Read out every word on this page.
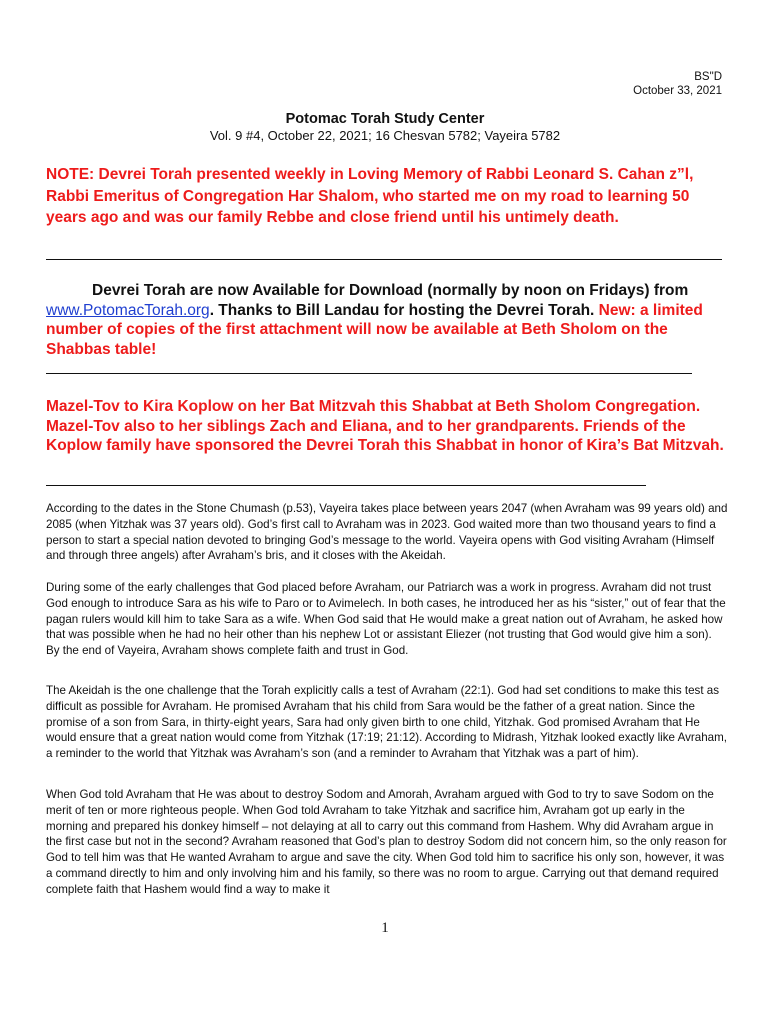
BS"D
October 33, 2021
Potomac Torah Study Center
Vol. 9 #4, October 22, 2021; 16 Chesvan 5782; Vayeira 5782

NOTE: Devrei Torah presented weekly in Loving Memory of Rabbi Leonard S. Cahan z”l, Rabbi Emeritus of Congregation Har Shalom, who started me on my road to learning 50 years ago and was our family Rebbe and close friend until his untimely death.

Devrei Torah are now Available for Download (normally by noon on Fridays) from www.PotomacTorah.org. Thanks to Bill Landau for hosting the Devrei Torah. New: a limited number of copies of the first attachment will now be available at Beth Sholom on the Shabbas table!

Mazel-Tov to Kira Koplow on her Bat Mitzvah this Shabbat at Beth Sholom Congregation. Mazel-Tov also to her siblings Zach and Eliana, and to her grandparents. Friends of the Koplow family have sponsored the Devrei Torah this Shabbat in honor of Kira’s Bat Mitzvah.

According to the dates in the Stone Chumash (p.53), Vayeira takes place between years 2047 (when Avraham was 99 years old) and 2085 (when Yitzhak was 37 years old). God’s first call to Avraham was in 2023. God waited more than two thousand years to find a person to start a special nation devoted to bringing God’s message to the world. Vayeira opens with God visiting Avraham (Himself and through three angels) after Avraham’s bris, and it closes with the Akeidah.

During some of the early challenges that God placed before Avraham, our Patriarch was a work in progress. Avraham did not trust God enough to introduce Sara as his wife to Paro or to Avimelech. In both cases, he introduced her as his “sister,” out of fear that the pagan rulers would kill him to take Sara as a wife. When God said that He would make a great nation out of Avraham, he asked how that was possible when he had no heir other than his nephew Lot or assistant Eliezer (not trusting that God would give him a son). By the end of Vayeira, Avraham shows complete faith and trust in God.

The Akeidah is the one challenge that the Torah explicitly calls a test of Avraham (22:1). God had set conditions to make this test as difficult as possible for Avraham. He promised Avraham that his child from Sara would be the father of a great nation. Since the promise of a son from Sara, in thirty-eight years, Sara had only given birth to one child, Yitzhak. God promised Avraham that He would ensure that a great nation would come from Yitzhak (17:19; 21:12). According to Midrash, Yitzhak looked exactly like Avraham, a reminder to the world that Yitzhak was Avraham’s son (and a reminder to Avraham that Yitzhak was a part of him).

When God told Avraham that He was about to destroy Sodom and Amorah, Avraham argued with God to try to save Sodom on the merit of ten or more righteous people. When God told Avraham to take Yitzhak and sacrifice him, Avraham got up early in the morning and prepared his donkey himself – not delaying at all to carry out this command from Hashem. Why did Avraham argue in the first case but not in the second? Avraham reasoned that God’s plan to destroy Sodom did not concern him, so the only reason for God to tell him was that He wanted Avraham to argue and save the city. When God told him to sacrifice his only son, however, it was a command directly to him and only involving him and his family, so there was no room to argue. Carrying out that demand required complete faith that Hashem would find a way to make it

1
